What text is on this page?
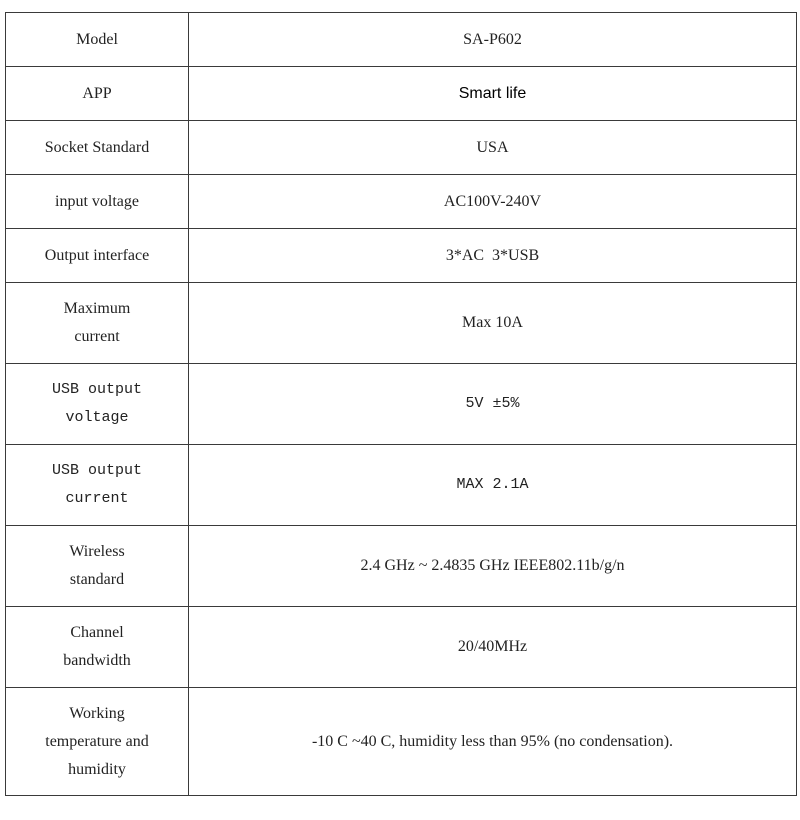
Model	SA-P602
APP	Smart life
Socket Standard	USA
input voltage	AC100V-240V
Output interface	3*AC  3*USB

Maximum
current	Max 10A

USB output
voltage	5V ±5%

USB output
current	MAX 2.1A

Wireless
standard	2.4 GHz ~ 2.4835 GHz IEEE802.11b/g/n

Channel
bandwidth	20/40MHz

Working
temperature and
humidity	-10 C ~40 C, humidity less than 95% (no condensation).
